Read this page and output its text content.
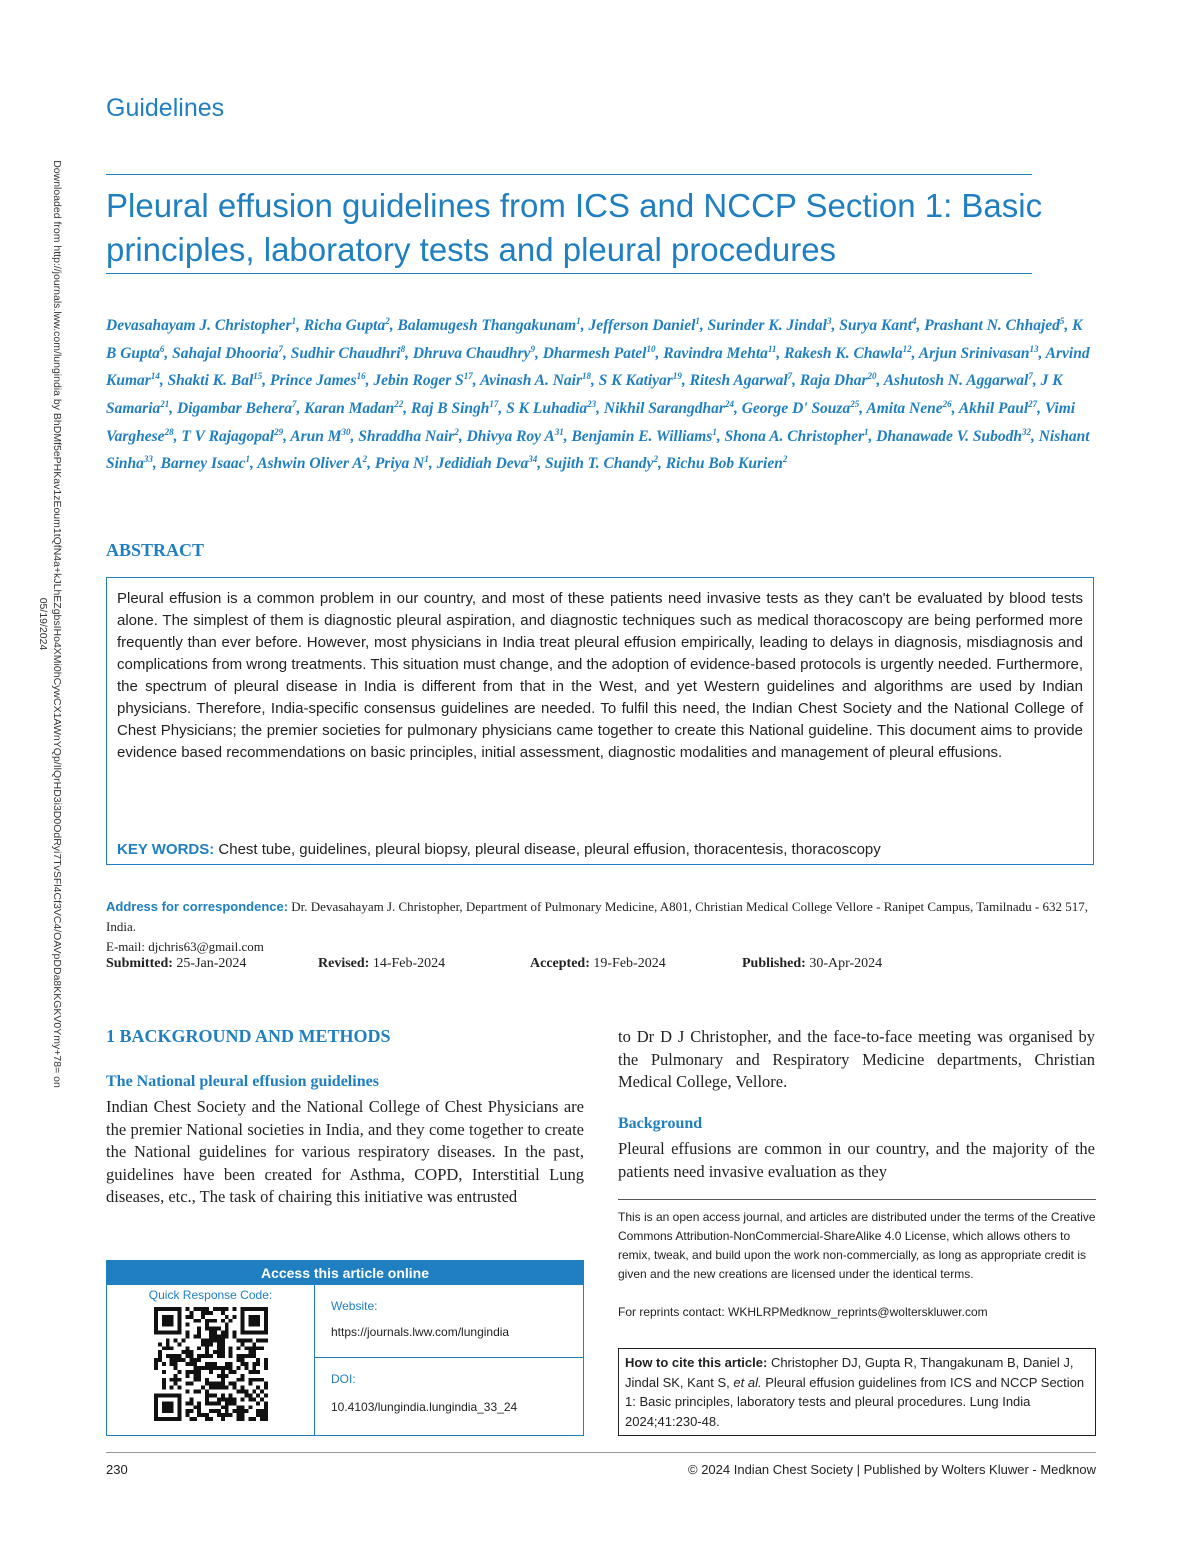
Downloaded from http://journals.lww.com/lungindia by BhDMf5ePHKav1zEoum1tQfN4a+kJLhEZgbsIHo4XMi0hCywCX1AWnYQp/IlQrHD3i3D0OdRyi7TvSFl4Cf3VC4/OAVpDDa8KKGKV0Ymy+78= on 05/19/2024
Guidelines
Pleural effusion guidelines from ICS and NCCP Section 1: Basic principles, laboratory tests and pleural procedures
Devasahayam J. Christopher$^1$, Richa Gupta$^2$, Balamugesh Thangakunam$^1$, Jefferson Daniel$^1$, Surinder K. Jindal$^3$, Surya Kant$^4$, Prashant N. Chhajed$^5$, K B Gupta$^6$, Sahajal Dhooria$^7$, Sudhir Chaudhri$^8$, Dhruva Chaudhry$^9$, Dharmesh Patel$^{10}$, Ravindra Mehta$^{11}$, Rakesh K. Chawla$^{12}$, Arjun Srinivasan$^{13}$, Arvind Kumar$^{14}$, Shakti K. Bal$^{15}$, Prince James$^{16}$, Jebin Roger $S^{17}$, Avinash A. Nair$^{18}$, S K Katiyar$^{19}$, Ritesh Agarwal$^7$, Raja Dhar$^{20}$, Ashutosh N. Aggarwal$^7$, J K Samaria$^{21}$, Digambar Behera$^7$, Karan Madan$^{22}$, Raj B Singh$^{17}$, S K Luhadia$^{23}$, Nikhil Sarangdhar$^{24}$, George D' Souza$^{25}$, Amita Nene$^{26}$, Akhil Paul$^{27}$, Vimi Varghese$^{28}$, T V Rajagopal$^{29}$, Arun $M^{30}$, Shraddha Nair$^2$, Dhivya Roy $A^{31}$, Benjamin E. Williams$^1$, Shona A. Christopher$^1$, Dhanawade V. Subodh$^{32}$, Nishant Sinha$^{33}$, Barney Isaac$^1$, Ashwin Oliver $A^2$, Priya $N^1$, Jedidiah Deva$^{34}$, Sujith T. Chandy$^2$, Richu Bob Kurien$^2$
ABSTRACT

Pleural effusion is a common problem in our country, and most of these patients need invasive tests as they can't be evaluated by blood tests alone. The simplest of them is diagnostic pleural aspiration, and diagnostic techniques such as medical thoracoscopy are being performed more frequently than ever before. However, most physicians in India treat pleural effusion empirically, leading to delays in diagnosis, misdiagnosis and complications from wrong treatments. This situation must change, and the adoption of evidence-based protocols is urgently needed. Furthermore, the spectrum of pleural disease in India is different from that in the West, and yet Western guidelines and algorithms are used by Indian physicians. Therefore, India-specific consensus guidelines are needed. To fulfil this need, the Indian Chest Society and the National College of Chest Physicians; the premier societies for pulmonary physicians came together to create this National guideline. This document aims to provide evidence based recommendations on basic principles, initial assessment, diagnostic modalities and management of pleural effusions.

KEY WORDS: Chest tube, guidelines, pleural biopsy, pleural disease, pleural effusion, thoracentesis, thoracoscopy
Address for correspondence: Dr. Devasahayam J. Christopher, Department of Pulmonary Medicine, A801, Christian Medical College Vellore - Ranipet Campus, Tamilnadu - 632 517, India.
E-mail: djchris63@gmail.com
Submitted: 25-Jan-2024	Revised: 14-Feb-2024	Accepted: 19-Feb-2024	Published: 30-Apr-2024
1 BACKGROUND AND METHODS
The National pleural effusion guidelines

Indian Chest Society and the National College of Chest Physicians are the premier National societies in India, and they come together to create the National guidelines for various respiratory diseases. In the past, guidelines have been created for Asthma, COPD, Interstitial Lung diseases, etc., The task of chairing this initiative was entrusted

to Dr D J Christopher, and the face-to-face meeting was organised by the Pulmonary and Respiratory Medicine departments, Christian Medical College, Vellore.

Background

Pleural effusions are common in our country, and the majority of the patients need invasive evaluation as they

Access this article online
Quick Response Code:
Website:
https://journals.lww.com/lungindia
DOI:
10.4103/lungindia.lungindia_33_24

This is an open access journal, and articles are distributed under the terms of the Creative Commons Attribution-NonCommercial-ShareAlike 4.0 License, which allows others to remix, tweak, and build upon the work non-commercially, as long as appropriate credit is given and the new creations are licensed under the identical terms.

For reprints contact: WKHLRPMedknow_reprints@wolterskluwer.com
How to cite this article: Christopher DJ, Gupta R, Thangakunam B, Daniel J, Jindal SK, Kant S, et al. Pleural effusion guidelines from ICS and NCCP Section 1: Basic principles, laboratory tests and pleural procedures. Lung India 2024;41:230-48.
230	© 2024 Indian Chest Society | Published by Wolters Kluwer - Medknow
